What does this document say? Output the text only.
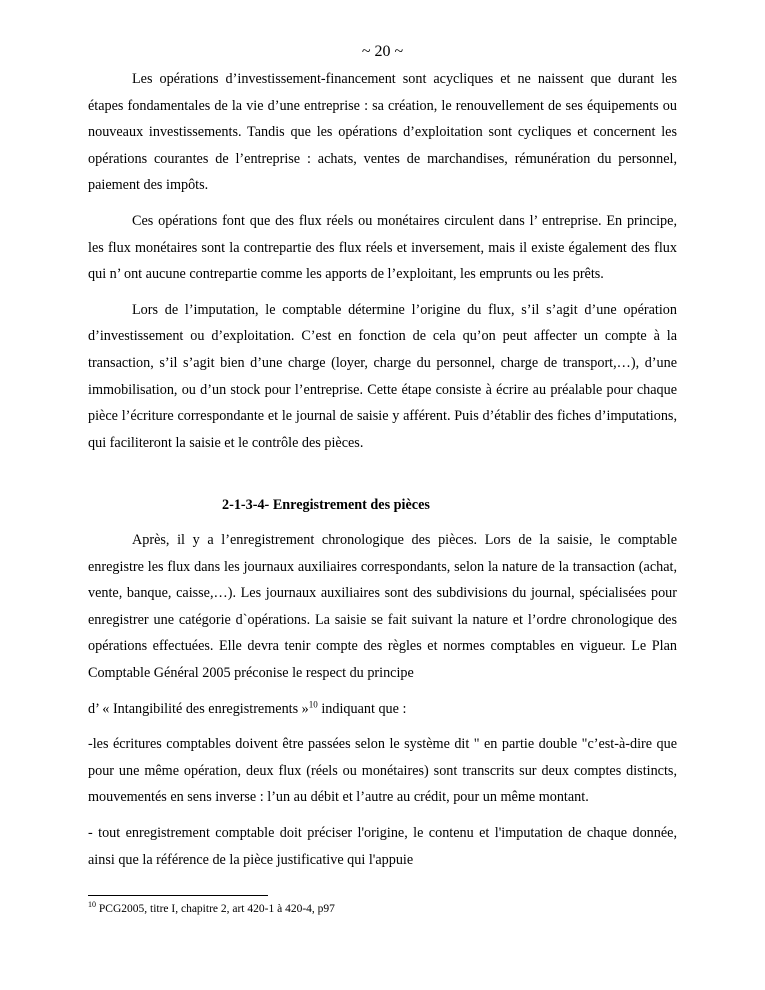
~ 20 ~

Les opérations d’investissement-financement sont acycliques et ne naissent que durant les étapes fondamentales de la vie d’une entreprise : sa création, le renouvellement de ses équipements ou nouveaux investissements. Tandis que les opérations d’exploitation sont cycliques et concernent les opérations courantes de l’entreprise : achats, ventes de marchandises, rémunération du personnel, paiement des impôts.

Ces opérations font que des flux réels ou monétaires circulent dans l’ entreprise. En principe, les flux monétaires sont la contrepartie des flux réels et inversement, mais il existe également des flux qui n’ ont aucune contrepartie comme les apports de l’exploitant, les emprunts ou les prêts.

Lors de l’imputation, le comptable détermine l’origine du flux, s’il s’agit d’une opération d’investissement ou d’exploitation. C’est en fonction de cela qu’on peut affecter un compte à la transaction, s’il s’agit bien d’une charge (loyer, charge du personnel, charge de transport,…), d’une immobilisation, ou d’un stock pour l’entreprise. Cette étape consiste à écrire au préalable pour chaque pièce l’écriture correspondante et le journal de saisie y afférent. Puis d’établir des fiches d’imputations, qui faciliteront la saisie et le contrôle des pièces.

2-1-3-4- Enregistrement des pièces

Après, il y a l’enregistrement chronologique des pièces. Lors de la saisie, le comptable enregistre les flux dans les journaux auxiliaires correspondants, selon la nature de la transaction (achat, vente, banque, caisse,…). Les journaux auxiliaires sont des subdivisions du journal, spécialisées pour enregistrer une catégorie d`opérations. La saisie se fait suivant la nature et l’ordre chronologique des opérations effectuées. Elle devra tenir compte des règles et normes comptables en vigueur. Le Plan Comptable Général 2005 préconise le respect du principe

d’ « Intangibilité des enregistrements »$^{10}$ indiquant que :

-les écritures comptables doivent être passées selon le système dit " en partie double "c’est-à-dire que pour une même opération, deux flux (réels ou monétaires) sont transcrits sur deux comptes distincts, mouvementés en sens inverse : l’un au débit et l’autre au crédit, pour un même montant.

- tout enregistrement comptable doit préciser l'origine, le contenu et l'imputation de chaque donnée, ainsi que la référence de la pièce justificative qui l'appuie

$^{10}$ PCG2005, titre I, chapitre 2, art 420-1 à 420-4, p97
